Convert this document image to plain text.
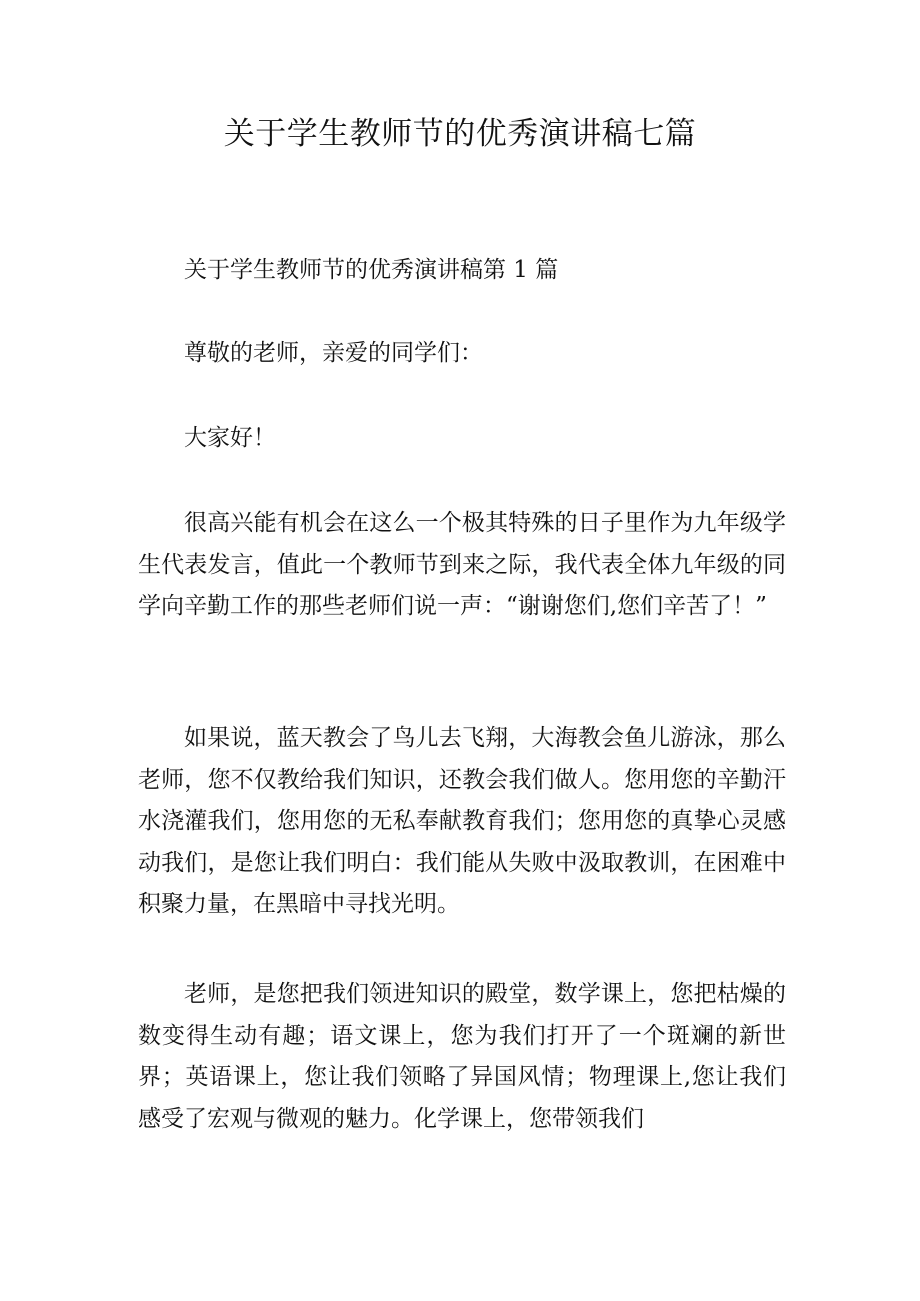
关于学生教师节的优秀演讲稿七篇

关于学生教师节的优秀演讲稿第 1 篇

尊敬的老师，亲爱的同学们：

大家好！

很高兴能有机会在这么一个极其特殊的日子里作为九年级学生代表发言，值此一个教师节到来之际，我代表全体九年级的同学向辛勤工作的那些老师们说一声：“谢谢您们,您们辛苦了！”

如果说，蓝天教会了鸟儿去飞翔，大海教会鱼儿游泳，那么老师，您不仅教给我们知识，还教会我们做人。您用您的辛勤汗水浇灌我们，您用您的无私奉献教育我们；您用您的真挚心灵感动我们，是您让我们明白：我们能从失败中汲取教训，在困难中积聚力量，在黑暗中寻找光明。

老师，是您把我们领进知识的殿堂，数学课上，您把枯燥的数变得生动有趣；语文课上，您为我们打开了一个斑斓的新世界；英语课上，您让我们领略了异国风情；物理课上,您让我们感受了宏观与微观的魅力。化学课上，您带领我们
